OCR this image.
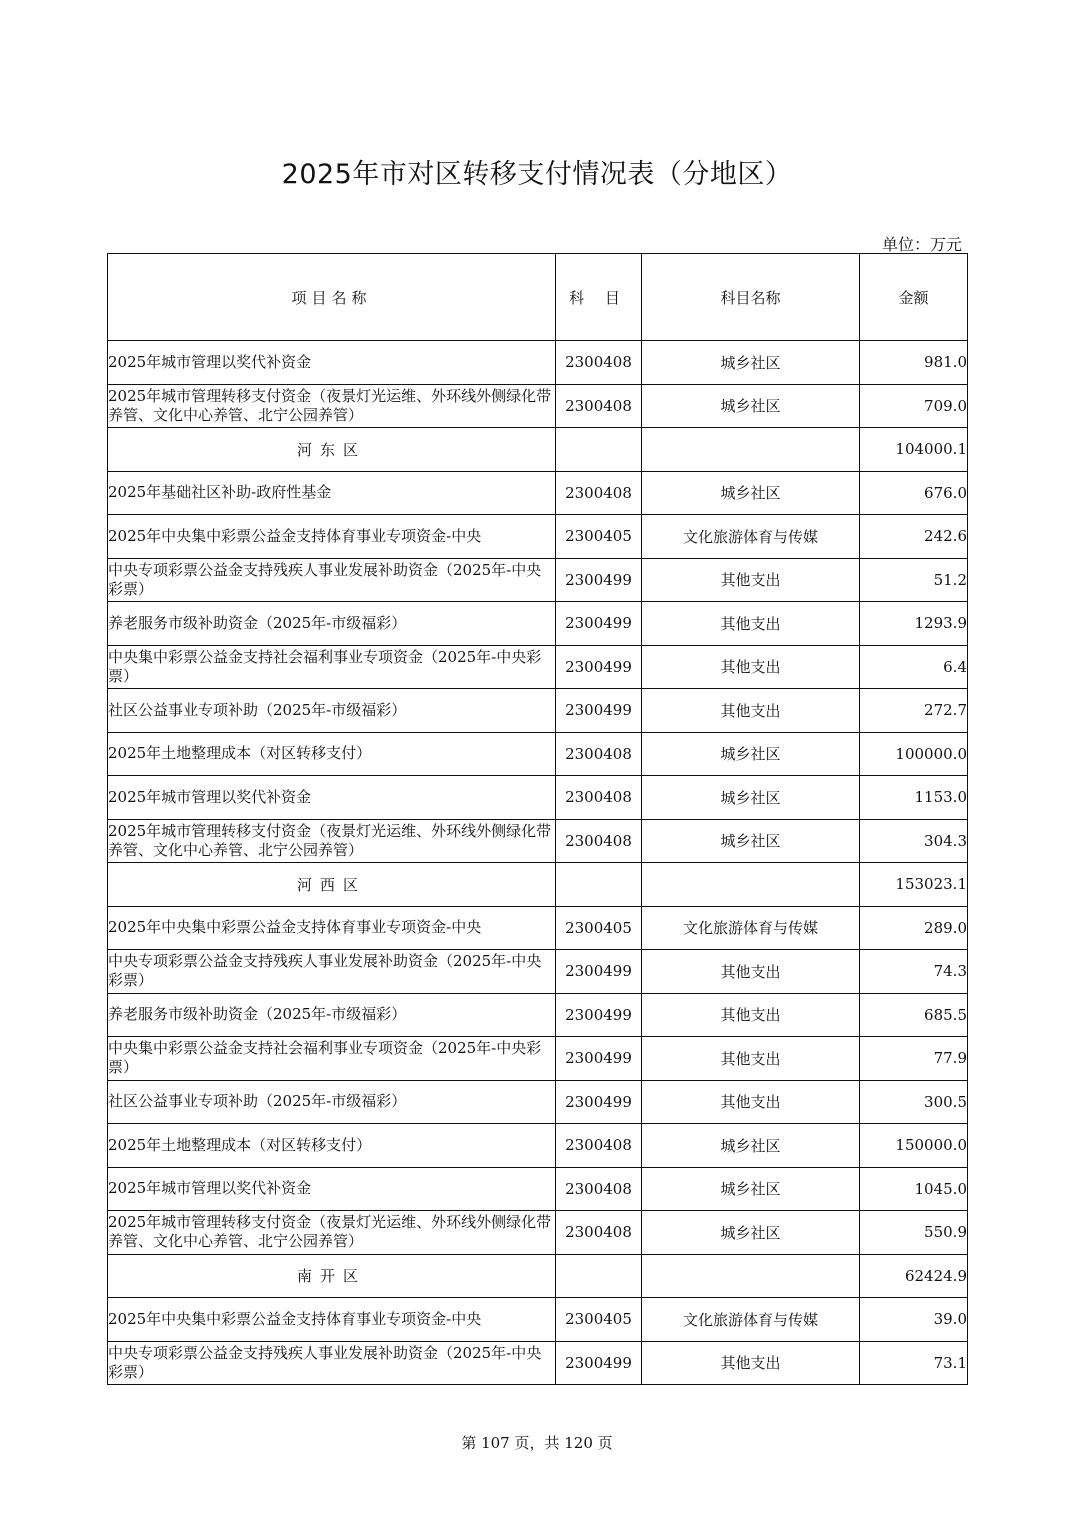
2025年市对区转移支付情况表（分地区）
单位：万元
项目名称	科 目	科目名称	金额
2025年城市管理以奖代补资金	2300408	城乡社区	981.0
2025年城市管理转移支付资金（夜景灯光运维、外环线外侧绿化带养管、文化中心养管、北宁公园养管）	2300408	城乡社区	709.0
河东区			104000.1
2025年基础社区补助-政府性基金	2300408	城乡社区	676.0
2025年中央集中彩票公益金支持体育事业专项资金-中央	2300405	文化旅游体育与传媒	242.6
中央专项彩票公益金支持残疾人事业发展补助资金（2025年-中央彩票）	2300499	其他支出	51.2
养老服务市级补助资金（2025年-市级福彩）	2300499	其他支出	1293.9
中央集中彩票公益金支持社会福利事业专项资金（2025年-中央彩票）	2300499	其他支出	6.4
社区公益事业专项补助（2025年-市级福彩）	2300499	其他支出	272.7
2025年土地整理成本（对区转移支付）	2300408	城乡社区	100000.0
2025年城市管理以奖代补资金	2300408	城乡社区	1153.0
2025年城市管理转移支付资金（夜景灯光运维、外环线外侧绿化带养管、文化中心养管、北宁公园养管）	2300408	城乡社区	304.3
河西区			153023.1
2025年中央集中彩票公益金支持体育事业专项资金-中央	2300405	文化旅游体育与传媒	289.0
中央专项彩票公益金支持残疾人事业发展补助资金（2025年-中央彩票）	2300499	其他支出	74.3
养老服务市级补助资金（2025年-市级福彩）	2300499	其他支出	685.5
中央集中彩票公益金支持社会福利事业专项资金（2025年-中央彩票）	2300499	其他支出	77.9
社区公益事业专项补助（2025年-市级福彩）	2300499	其他支出	300.5
2025年土地整理成本（对区转移支付）	2300408	城乡社区	150000.0
2025年城市管理以奖代补资金	2300408	城乡社区	1045.0
2025年城市管理转移支付资金（夜景灯光运维、外环线外侧绿化带养管、文化中心养管、北宁公园养管）	2300408	城乡社区	550.9
南开区			62424.9
2025年中央集中彩票公益金支持体育事业专项资金-中央	2300405	文化旅游体育与传媒	39.0
中央专项彩票公益金支持残疾人事业发展补助资金（2025年-中央彩票）	2300499	其他支出	73.1
第 107 页，共 120 页
